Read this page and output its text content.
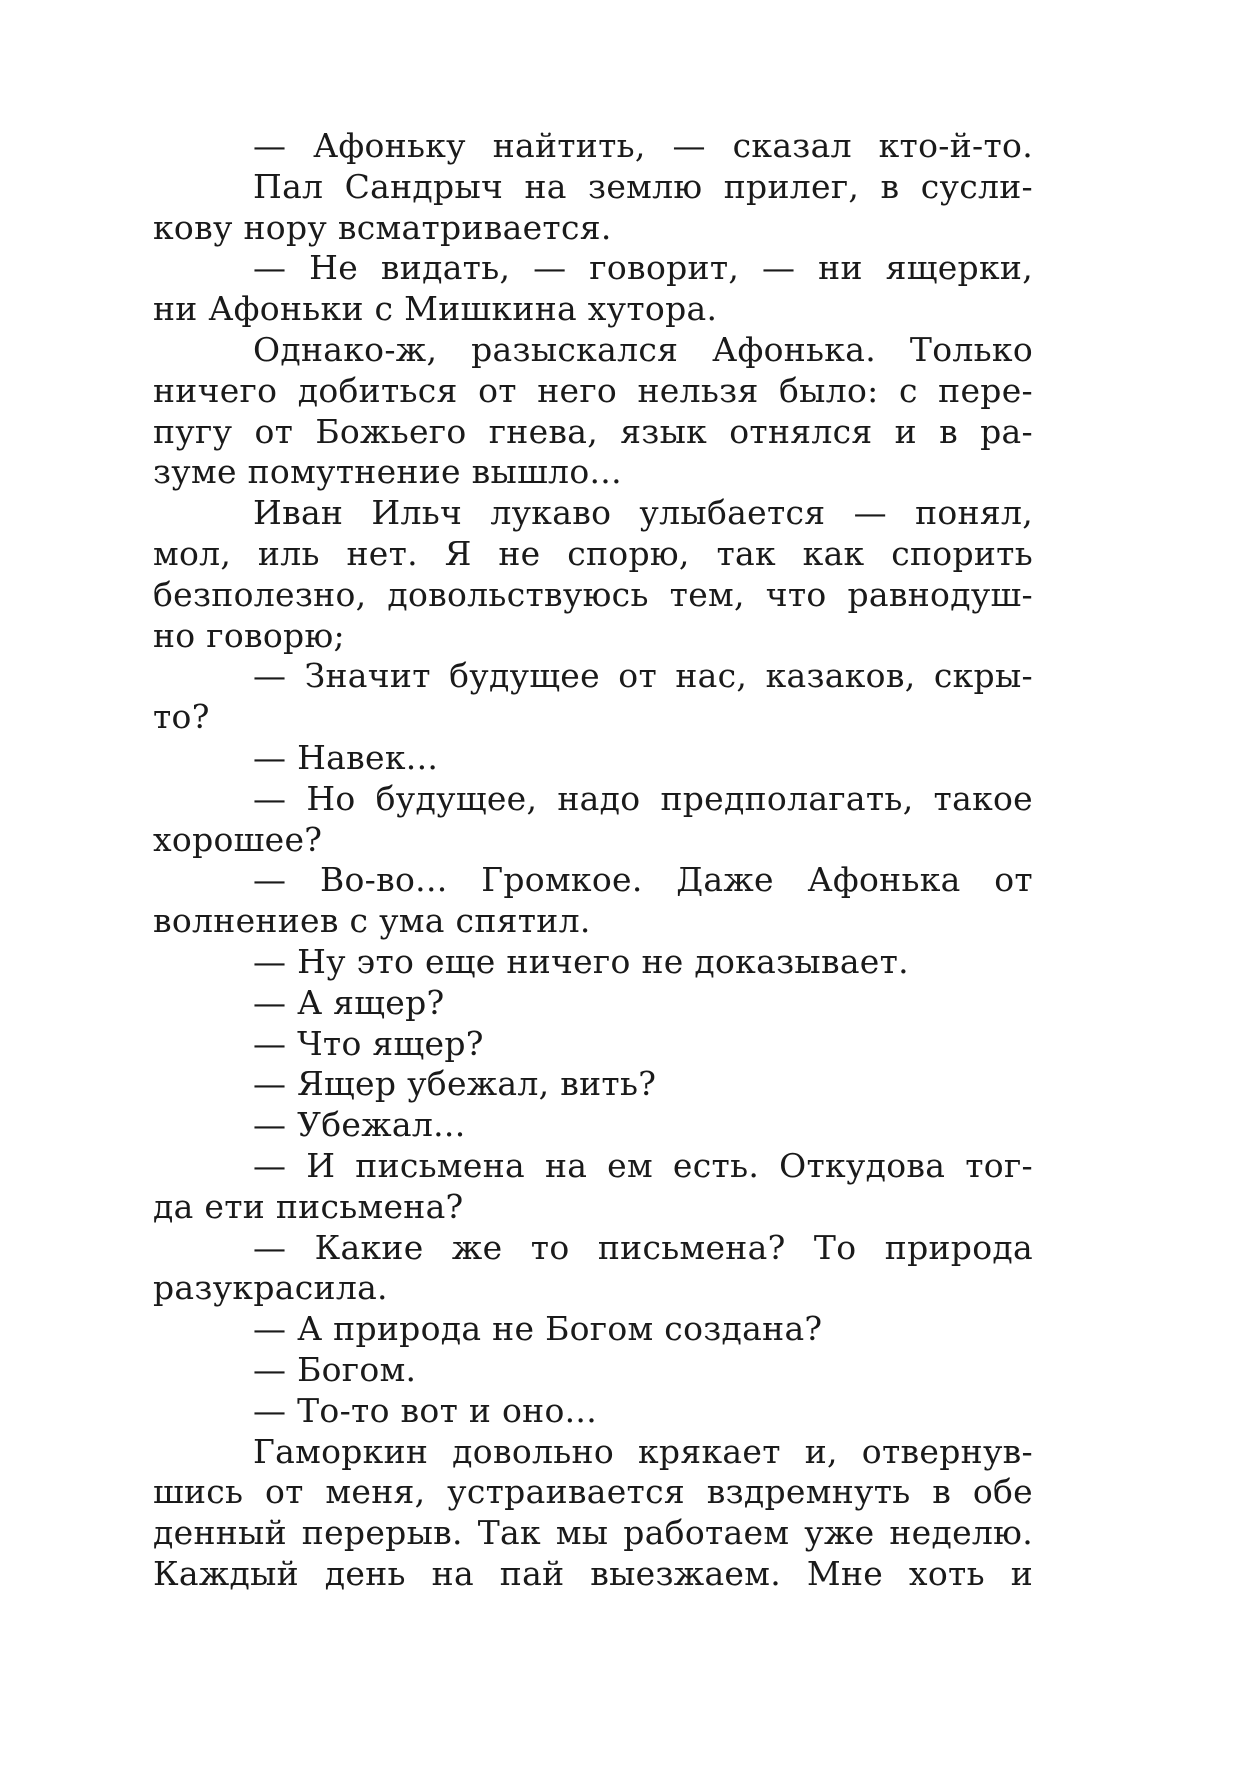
— Афоньку найтить, — сказал кто-й-то.
Пал Сандрыч на землю прилег, в сусли-
кову нору всматривается.
— Не видать, — говорит, — ни ящерки,
ни Афоньки с Мишкина хутора.
Однако-ж, разыскался Афонька. Только
ничего добиться от него нельзя было: с пере-
пугу от Божьего гнева, язык отнялся и в ра-
зуме помутнение вышло...
Иван Ильч лукаво улыбается — понял,
мол, иль нет. Я не спорю, так как спорить
безполезно, довольствуюсь тем, что равнодуш-
но говорю;
— Значит будущее от нас, казаков, скры-
то?
— Навек...
— Но будущее, надо предполагать, такое
хорошее?
— Во-во... Громкое. Даже Афонька от
волнениев с ума спятил.
— Ну это еще ничего не доказывает.
— А ящер?
— Что ящер?
— Ящер убежал, вить?
— Убежал...
— И письмена на ем есть. Откудова тог-
да ети письмена?
— Какие же то письмена? То природа
разукрасила.
— А природа не Богом создана?
— Богом.
— То-то вот и оно...
Гаморкин довольно крякает и, отвернув-
шись от меня, устраивается вздремнуть в обе
денный перерыв. Так мы работаем уже неделю.
Каждый день на пай выезжаем. Мне хоть и
